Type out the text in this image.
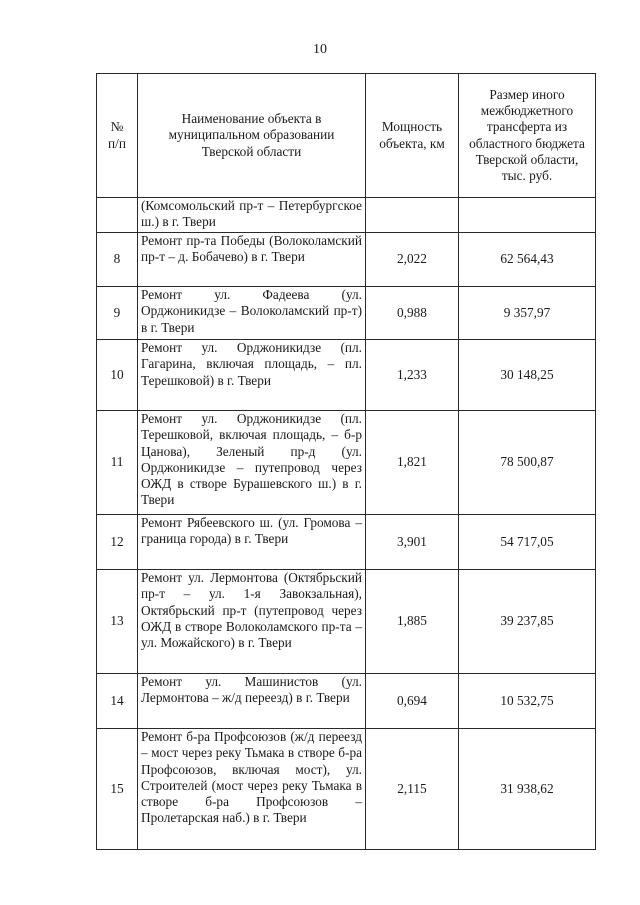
10
№ п/п	Наименование объекта в муниципальном образовании Тверской области	Мощность объекта, км	Размер иного межбюджетного трансферта из областного бюджета Тверской области, тыс. руб.

	(Комсомольский пр-т – Петербургское ш.) в г. Твери		
8	Ремонт пр-та Победы (Волоколамский пр-т – д. Бобачево) в г. Твери	2,022	62 564,43
9	Ремонт ул. Фадеева (ул. Орджоникидзе – Волоколамский пр-т) в г. Твери	0,988	9 357,97
10	Ремонт ул. Орджоникидзе (пл. Гагарина, включая площадь, – пл. Терешковой) в г. Твери	1,233	30 148,25
11	Ремонт ул. Орджоникидзе (пл. Терешковой, включая площадь, – б-р Цанова), Зеленый пр-д (ул. Орджоникидзе – путепровод через ОЖД в створе Бурашевского ш.) в г. Твери	1,821	78 500,87
12	Ремонт Рябеевского ш. (ул. Громова – граница города) в г. Твери	3,901	54 717,05
13	Ремонт ул. Лермонтова (Октябрьский пр-т – ул. 1-я Завокзальная), Октябрьский пр-т (путепровод через ОЖД в створе Волоколамского пр-та – ул. Можайского) в г. Твери	1,885	39 237,85
14	Ремонт ул. Машинистов (ул. Лермонтова – ж/д переезд) в г. Твери	0,694	10 532,75
15	Ремонт б-ра Профсоюзов (ж/д переезд – мост через реку Тьмака в створе б-ра Профсоюзов, включая мост), ул. Строителей (мост через реку Тьмака в створе б-ра Профсоюзов – Пролетарская наб.) в г. Твери	2,115	31 938,62
